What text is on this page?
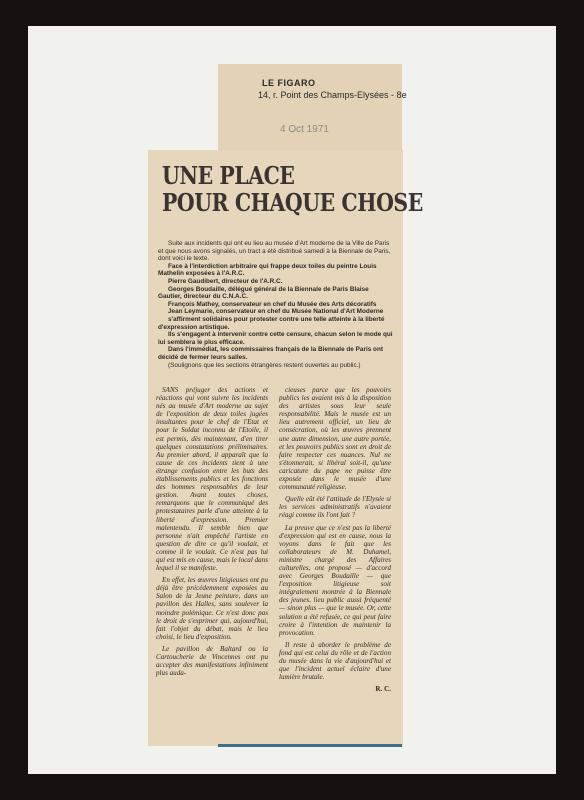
LE FIGARO
14, r. Point des Champs-Elysées - 8e
4 Oct 1971
UNE PLACE
POUR CHAQUE CHOSE

Suite aux incidents qui ont eu lieu au musée d'Art moderne de la Ville de Paris et que nous avons signalés, un tract a été distribué samedi à la Biennale de Paris, dont voici le texte.

Face à l'interdiction arbitraire qui frappe deux toiles du peintre Louis Mathelin exposées à l'A.R.C.

Pierre Gaudibert, directeur de l'A.R.C.

Georges Boudaille, délégué général de la Biennale de Paris Blaise Gautier, directeur du C.N.A.C.

François Mathey, conservateur en chef du Musée des Arts décoratifs

Jean Leymarie, conservateur en chef du Musée National d'Art Moderne

s'affirment solidaires pour protester contre une telle atteinte à la liberté d'expression artistique.

Ils s'engagent à intervenir contre cette censure, chacun selon le mode qui lui semblera le plus efficace.

Dans l'immédiat, les commissaires français de la Biennale de Paris ont décidé de fermer leurs salles.

(Soulignons que les sections étrangères restent ouvertes au public.)

SANS préjuger des actions et réactions qui vont suivre les incidents nés au musée d'Art moderne au sujet de l'exposition de deux toiles jugées insultantes pour le chef de l'Etat et pour le Soldat inconnu de l'Etoile, il est permis, dès maintenant, d'en tirer quelques constatations préliminaires. Au premier abord, il apparaît que la cause de ces incidents tient à une étrange confusion entre les buts des établissements publics et les fonctions des hommes responsables de leur gestion. Avant toutes choses, remarquons que le communiqué des protestataires parle d'une atteinte à la liberté d'expression. Premier malentendu. Il semble bien que personne n'ait empêché l'artiste en question de dire ce qu'il voulait, et comme il le voulait. Ce n'est pas lui qui est mis en cause, mais le local dans lequel il se manifeste.

En effet, les œuvres litigieuses ont pu déjà être précédemment exposées au Salon de la Jeune peinture, dans un pavillon des Halles, sans soulever la moindre polémique. Ce n'est donc pas le droit de s'exprimer qui, aujourd'hui, fait l'objet du débat, mais le lieu choisi, le lieu d'exposition.

Le pavillon de Baltard ou la Cartoucherie de Vincennes ont pu accepter des manifestations infiniment plus auda-

cieuses parce que les pouvoirs publics les avaient mis à la disposition des artistes sous leur seule responsabilité. Mais le musée est un lieu autrement officiel, un lieu de consécration, où les œuvres prennent une autre dimension, une autre portée, et les pouvoirs publics sont en droit de faire respecter ces nuances. Nul ne s'étonnerait, si libéral soit-il, qu'une caricature du pape ne puisse être exposée dans le musée d'une communauté religieuse.

Quelle eût été l'attitude de l'Elysée si les services administratifs n'avaient réagi comme ils l'ont fait ?

La preuve que ce n'est pas la liberté d'expression qui est en cause, nous la voyons dans le fait que les collaborateurs de M. Duhamel, ministre chargé des Affaires culturelles, ont proposé — d'accord avec Georges Boudaille — que l'exposition litigieuse soit intégralement montrée à la Biennale des jeunes, lieu public aussi fréquenté — sinon plus — que le musée. Or, cette solution a été refusée, ce qui peut faire croire à l'intention de maintenir la provocation.

Il reste à aborder le problème de fond qui est celui du rôle et de l'action du musée dans la vie d'aujourd'hui et que l'incident actuel éclaire d'une lumière brutale.

R. C.
